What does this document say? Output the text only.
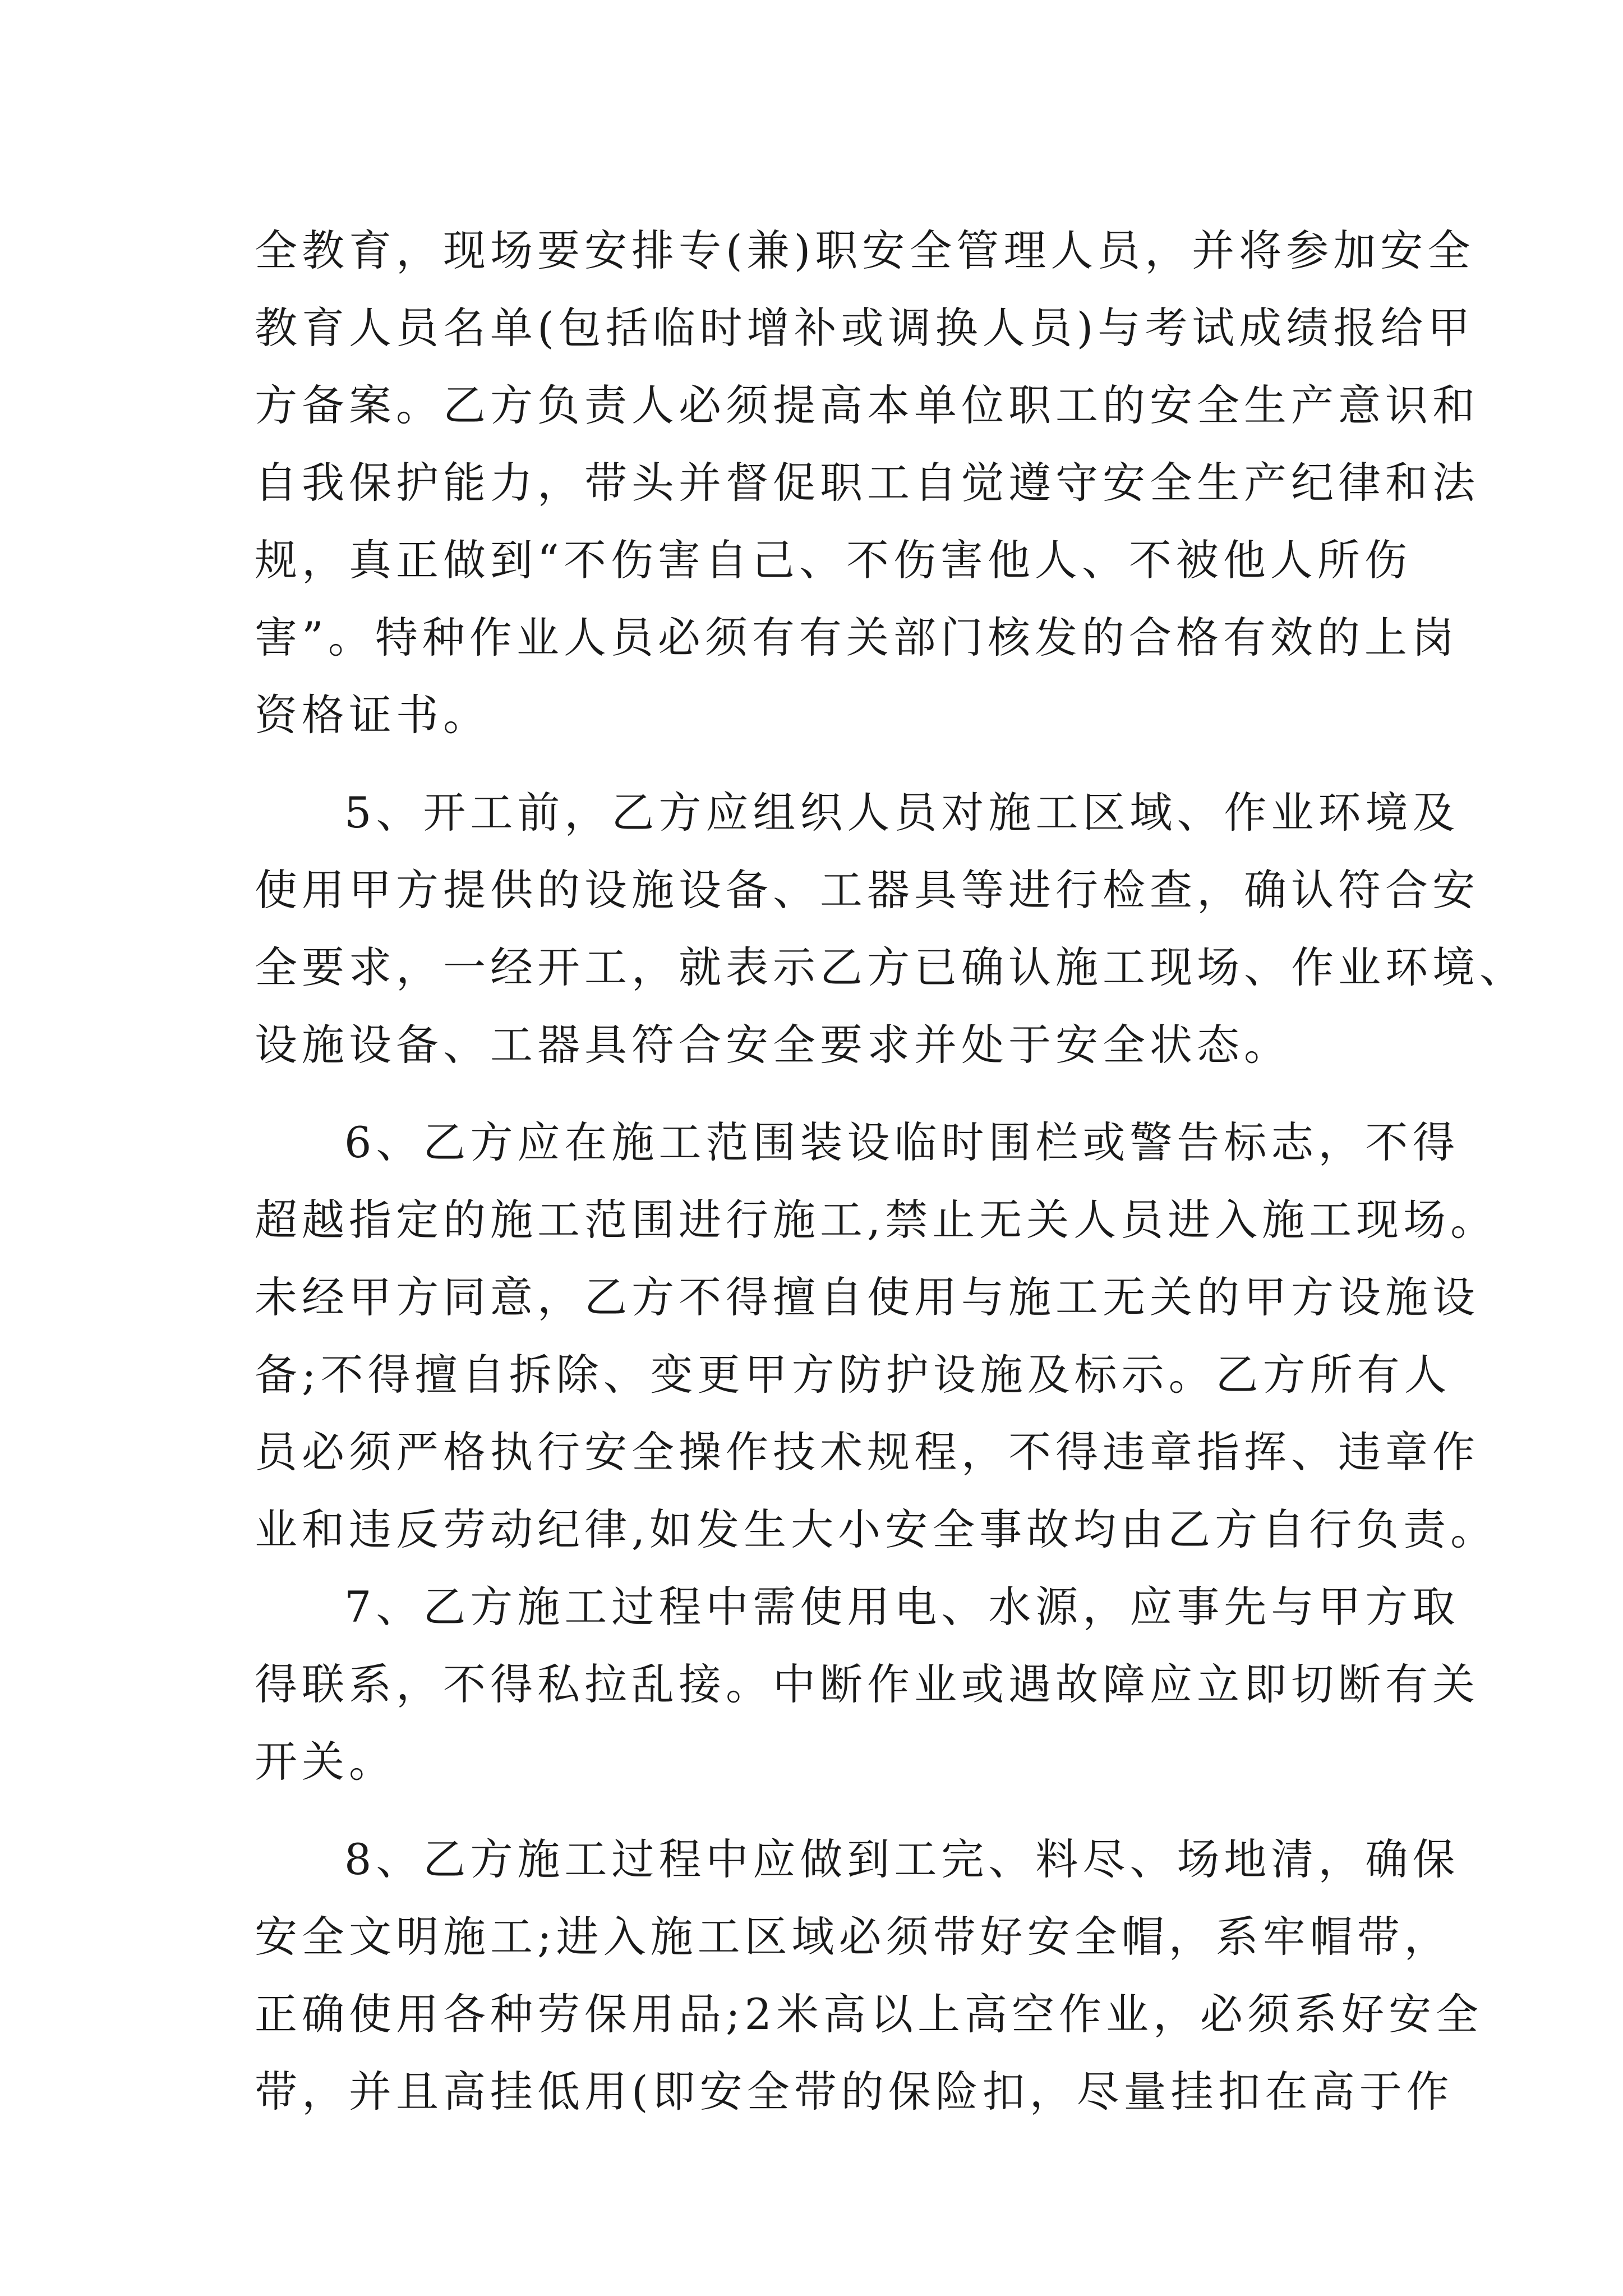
全教育，现场要安排专(兼)职安全管理人员，并将参加安全
教育人员名单(包括临时增补或调换人员)与考试成绩报给甲
方备案。乙方负责人必须提高本单位职工的安全生产意识和
自我保护能力，带头并督促职工自觉遵守安全生产纪律和法
规，真正做到“不伤害自己、不伤害他人、不被他人所伤
害”。特种作业人员必须有有关部门核发的合格有效的上岗
资格证书。

5、开工前，乙方应组织人员对施工区域、作业环境及
使用甲方提供的设施设备、工器具等进行检查，确认符合安
全要求，一经开工，就表示乙方已确认施工现场、作业环境、
设施设备、工器具符合安全要求并处于安全状态。

6、乙方应在施工范围装设临时围栏或警告标志，不得
超越指定的施工范围进行施工,禁止无关人员进入施工现场。
未经甲方同意，乙方不得擅自使用与施工无关的甲方设施设
备;不得擅自拆除、变更甲方防护设施及标示。乙方所有人
员必须严格执行安全操作技术规程，不得违章指挥、违章作
业和违反劳动纪律,如发生大小安全事故均由乙方自行负责。

7、乙方施工过程中需使用电、水源，应事先与甲方取
得联系，不得私拉乱接。中断作业或遇故障应立即切断有关
开关。

8、乙方施工过程中应做到工完、料尽、场地清，确保
安全文明施工;进入施工区域必须带好安全帽，系牢帽带，
正确使用各种劳保用品;2米高以上高空作业，必须系好安全
带，并且高挂低用(即安全带的保险扣，尽量挂扣在高于作
